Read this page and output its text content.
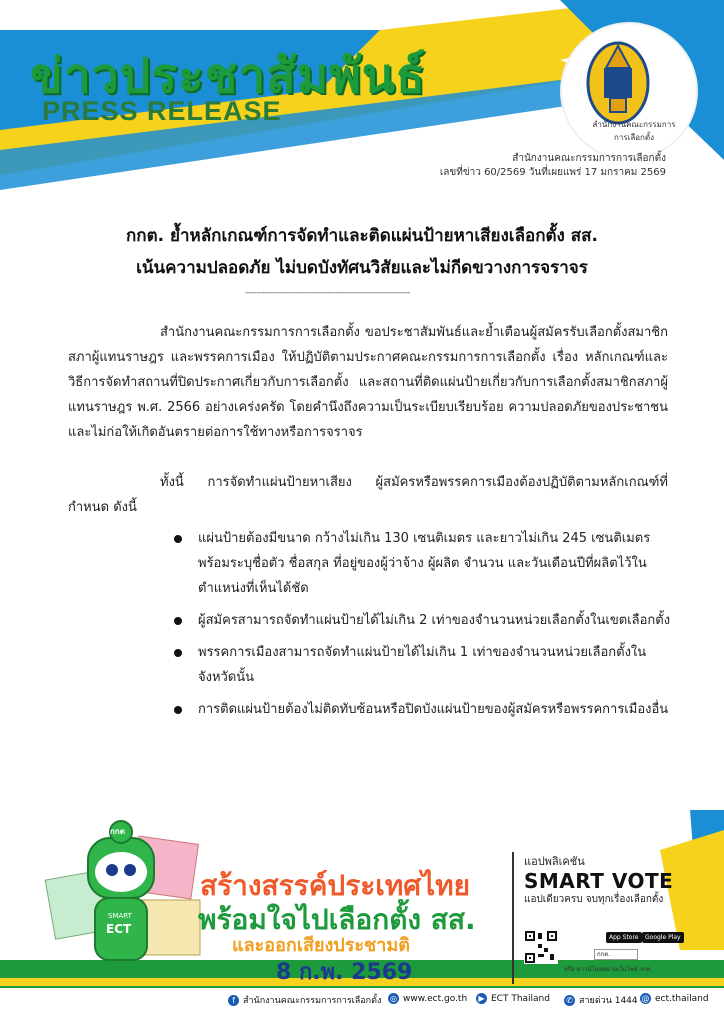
ข่าวประชาสัมพันธ์
PRESS RELEASE	สำนักงานคณะกรรมการการเลือกตั้ง
สำนักงานคณะกรรมการการเลือกตั้ง
เลขที่ข่าว 60/2569 วันที่เผยแพร่ 17 มกราคม 2569
กกต. ย้ำหลักเกณฑ์การจัดทำและติดแผ่นป้ายหาเสียงเลือกตั้ง สส.
เน้นความปลอดภัย ไม่บดบังทัศนวิสัยและไม่กีดขวางการจราจร
------------------------------------------------------------
สำนักงานคณะกรรมการการเลือกตั้ง ขอประชาสัมพันธ์และย้ำเตือนผู้สมัครรับเลือกตั้งสมาชิกสภาผู้แทนราษฎร และพรรคการเมือง ให้ปฏิบัติตามประกาศคณะกรรมการการเลือกตั้ง เรื่อง หลักเกณฑ์และวิธีการจัดทำสถานที่ปิดประกาศเกี่ยวกับการเลือกตั้ง และสถานที่ติดแผ่นป้ายเกี่ยวกับการเลือกตั้งสมาชิกสภาผู้แทนราษฎร พ.ศ. 2566 อย่างเคร่งครัด โดยคำนึงถึงความเป็นระเบียบเรียบร้อย ความปลอดภัยของประชาชน และไม่ก่อให้เกิดอันตรายต่อการใช้ทางหรือการจราจร
ทั้งนี้ การจัดทำแผ่นป้ายหาเสียง ผู้สมัครหรือพรรคการเมืองต้องปฏิบัติตามหลักเกณฑ์ที่กำหนด ดังนี้
แผ่นป้ายต้องมีขนาด กว้างไม่เกิน 130 เซนติเมตร และยาวไม่เกิน 245 เซนติเมตร พร้อมระบุชื่อตัว ชื่อสกุล ที่อยู่ของผู้ว่าจ้าง ผู้ผลิต จำนวน และวันเดือนปีที่ผลิตไว้ในตำแหน่งที่เห็นได้ชัด
ผู้สมัครสามารถจัดทำแผ่นป้ายได้ไม่เกิน 2 เท่าของจำนวนหน่วยเลือกตั้งในเขตเลือกตั้ง
พรรคการเมืองสามารถจัดทำแผ่นป้ายได้ไม่เกิน 1 เท่าของจำนวนหน่วยเลือกตั้งในจังหวัดนั้น
การติดแผ่นป้ายต้องไม่ติดทับซ้อนหรือปิดบังแผ่นป้ายของผู้สมัครหรือพรรคการเมืองอื่น
กกต
SMART
ECT
สร้างสรรค์ประเทศไทย
พร้อมใจไปเลือกตั้ง สส.
และออกเสียงประชามติ
8 ก.พ. 2569
แอปพลิเคชัน
SMART VOTE
แอปเดียวครบ จบทุกเรื่องเลือกตั้ง
App Store	Google Play
กกต.
หรือ ดาวน์โหลดผ่านเว็บไซต์ กกต.
f สำนักงานคณะกรรมการการเลือกตั้ง ◎ www.ect.go.th	▶ ECT Thailand ✆ สายด่วน 1444 @ ect.thailand
